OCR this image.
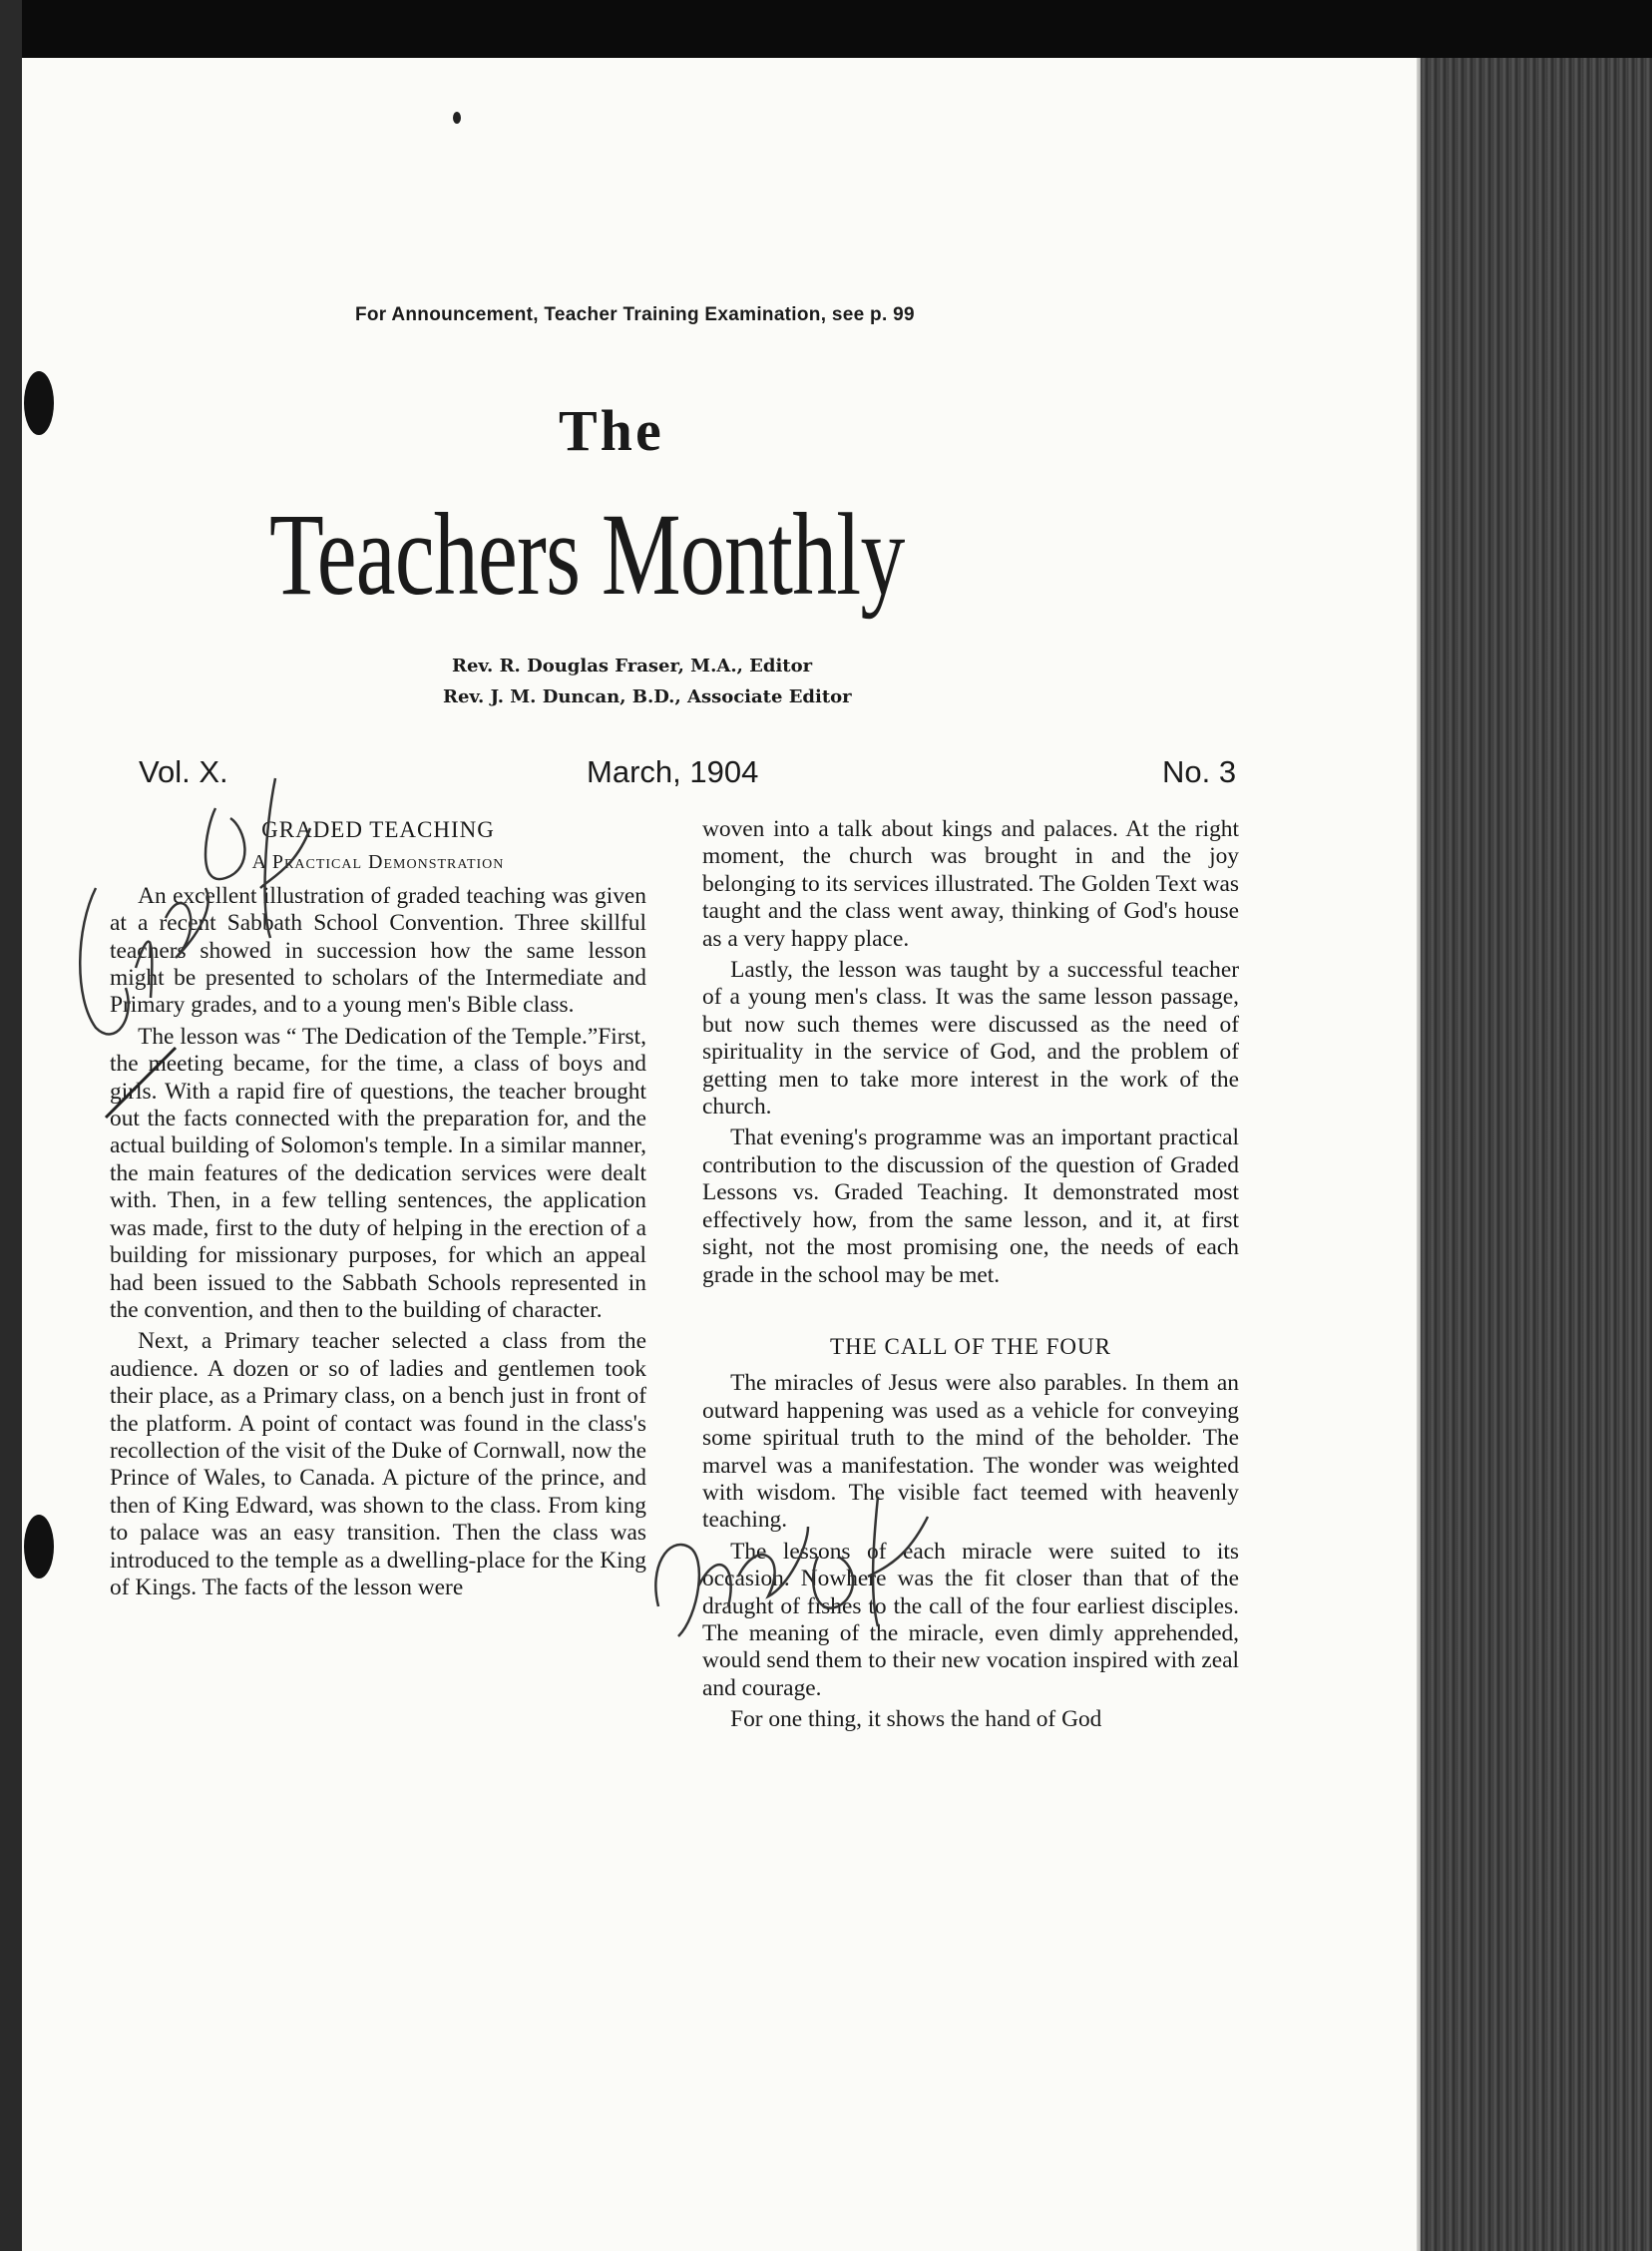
For Announcement, Teacher Training Examination, see p. 99
The
Teachers Monthly
Rev. R. Douglas Fraser, M.A., Editor
Rev. J. M. Duncan, B.D., Associate Editor
Vol. X.	March, 1904	No. 3

GRADED TEACHING

A Practical Demonstration

An excellent illustration of graded teaching was given at a recent Sabbath School Convention. Three skillful teachers showed in succession how the same lesson might be presented to scholars of the Intermediate and Primary grades, and to a young men's Bible class.

The lesson was “ The Dedication of the Temple.”First, the meeting became, for the time, a class of boys and girls. With a rapid fire of questions, the teacher brought out the facts connected with the preparation for, and the actual building of Solomon's temple. In a similar manner, the main features of the dedication services were dealt with. Then, in a few telling sentences, the application was made, first to the duty of helping in the erection of a building for missionary purposes, for which an appeal had been issued to the Sabbath Schools represented in the convention, and then to the building of character.

Next, a Primary teacher selected a class from the audience. A dozen or so of ladies and gentlemen took their place, as a Primary class, on a bench just in front of the platform. A point of contact was found in the class's recollection of the visit of the Duke of Cornwall, now the Prince of Wales, to Canada. A picture of the prince, and then of King Edward, was shown to the class. From king to palace was an easy transition. Then the class was introduced to the temple as a dwelling-place for the King of Kings. The facts of the lesson were

woven into a talk about kings and palaces. At the right moment, the church was brought in and the joy belonging to its services illustrated. The Golden Text was taught and the class went away, thinking of God's house as a very happy place.

Lastly, the lesson was taught by a successful teacher of a young men's class. It was the same lesson passage, but now such themes were discussed as the need of spirituality in the service of God, and the problem of getting men to take more interest in the work of the church.

That evening's programme was an important practical contribution to the discussion of the question of Graded Lessons vs. Graded Teaching. It demonstrated most effectively how, from the same lesson, and it, at first sight, not the most promising one, the needs of each grade in the school may be met.

THE CALL OF THE FOUR

The miracles of Jesus were also parables. In them an outward happening was used as a vehicle for conveying some spiritual truth to the mind of the beholder. The marvel was a manifestation. The wonder was weighted with wisdom. The visible fact teemed with heavenly teaching.

The lessons of each miracle were suited to its occasion. Nowhere was the fit closer than that of the draught of fishes to the call of the four earliest disciples. The meaning of the miracle, even dimly apprehended, would send them to their new vocation inspired with zeal and courage.

For one thing, it shows the hand of God
